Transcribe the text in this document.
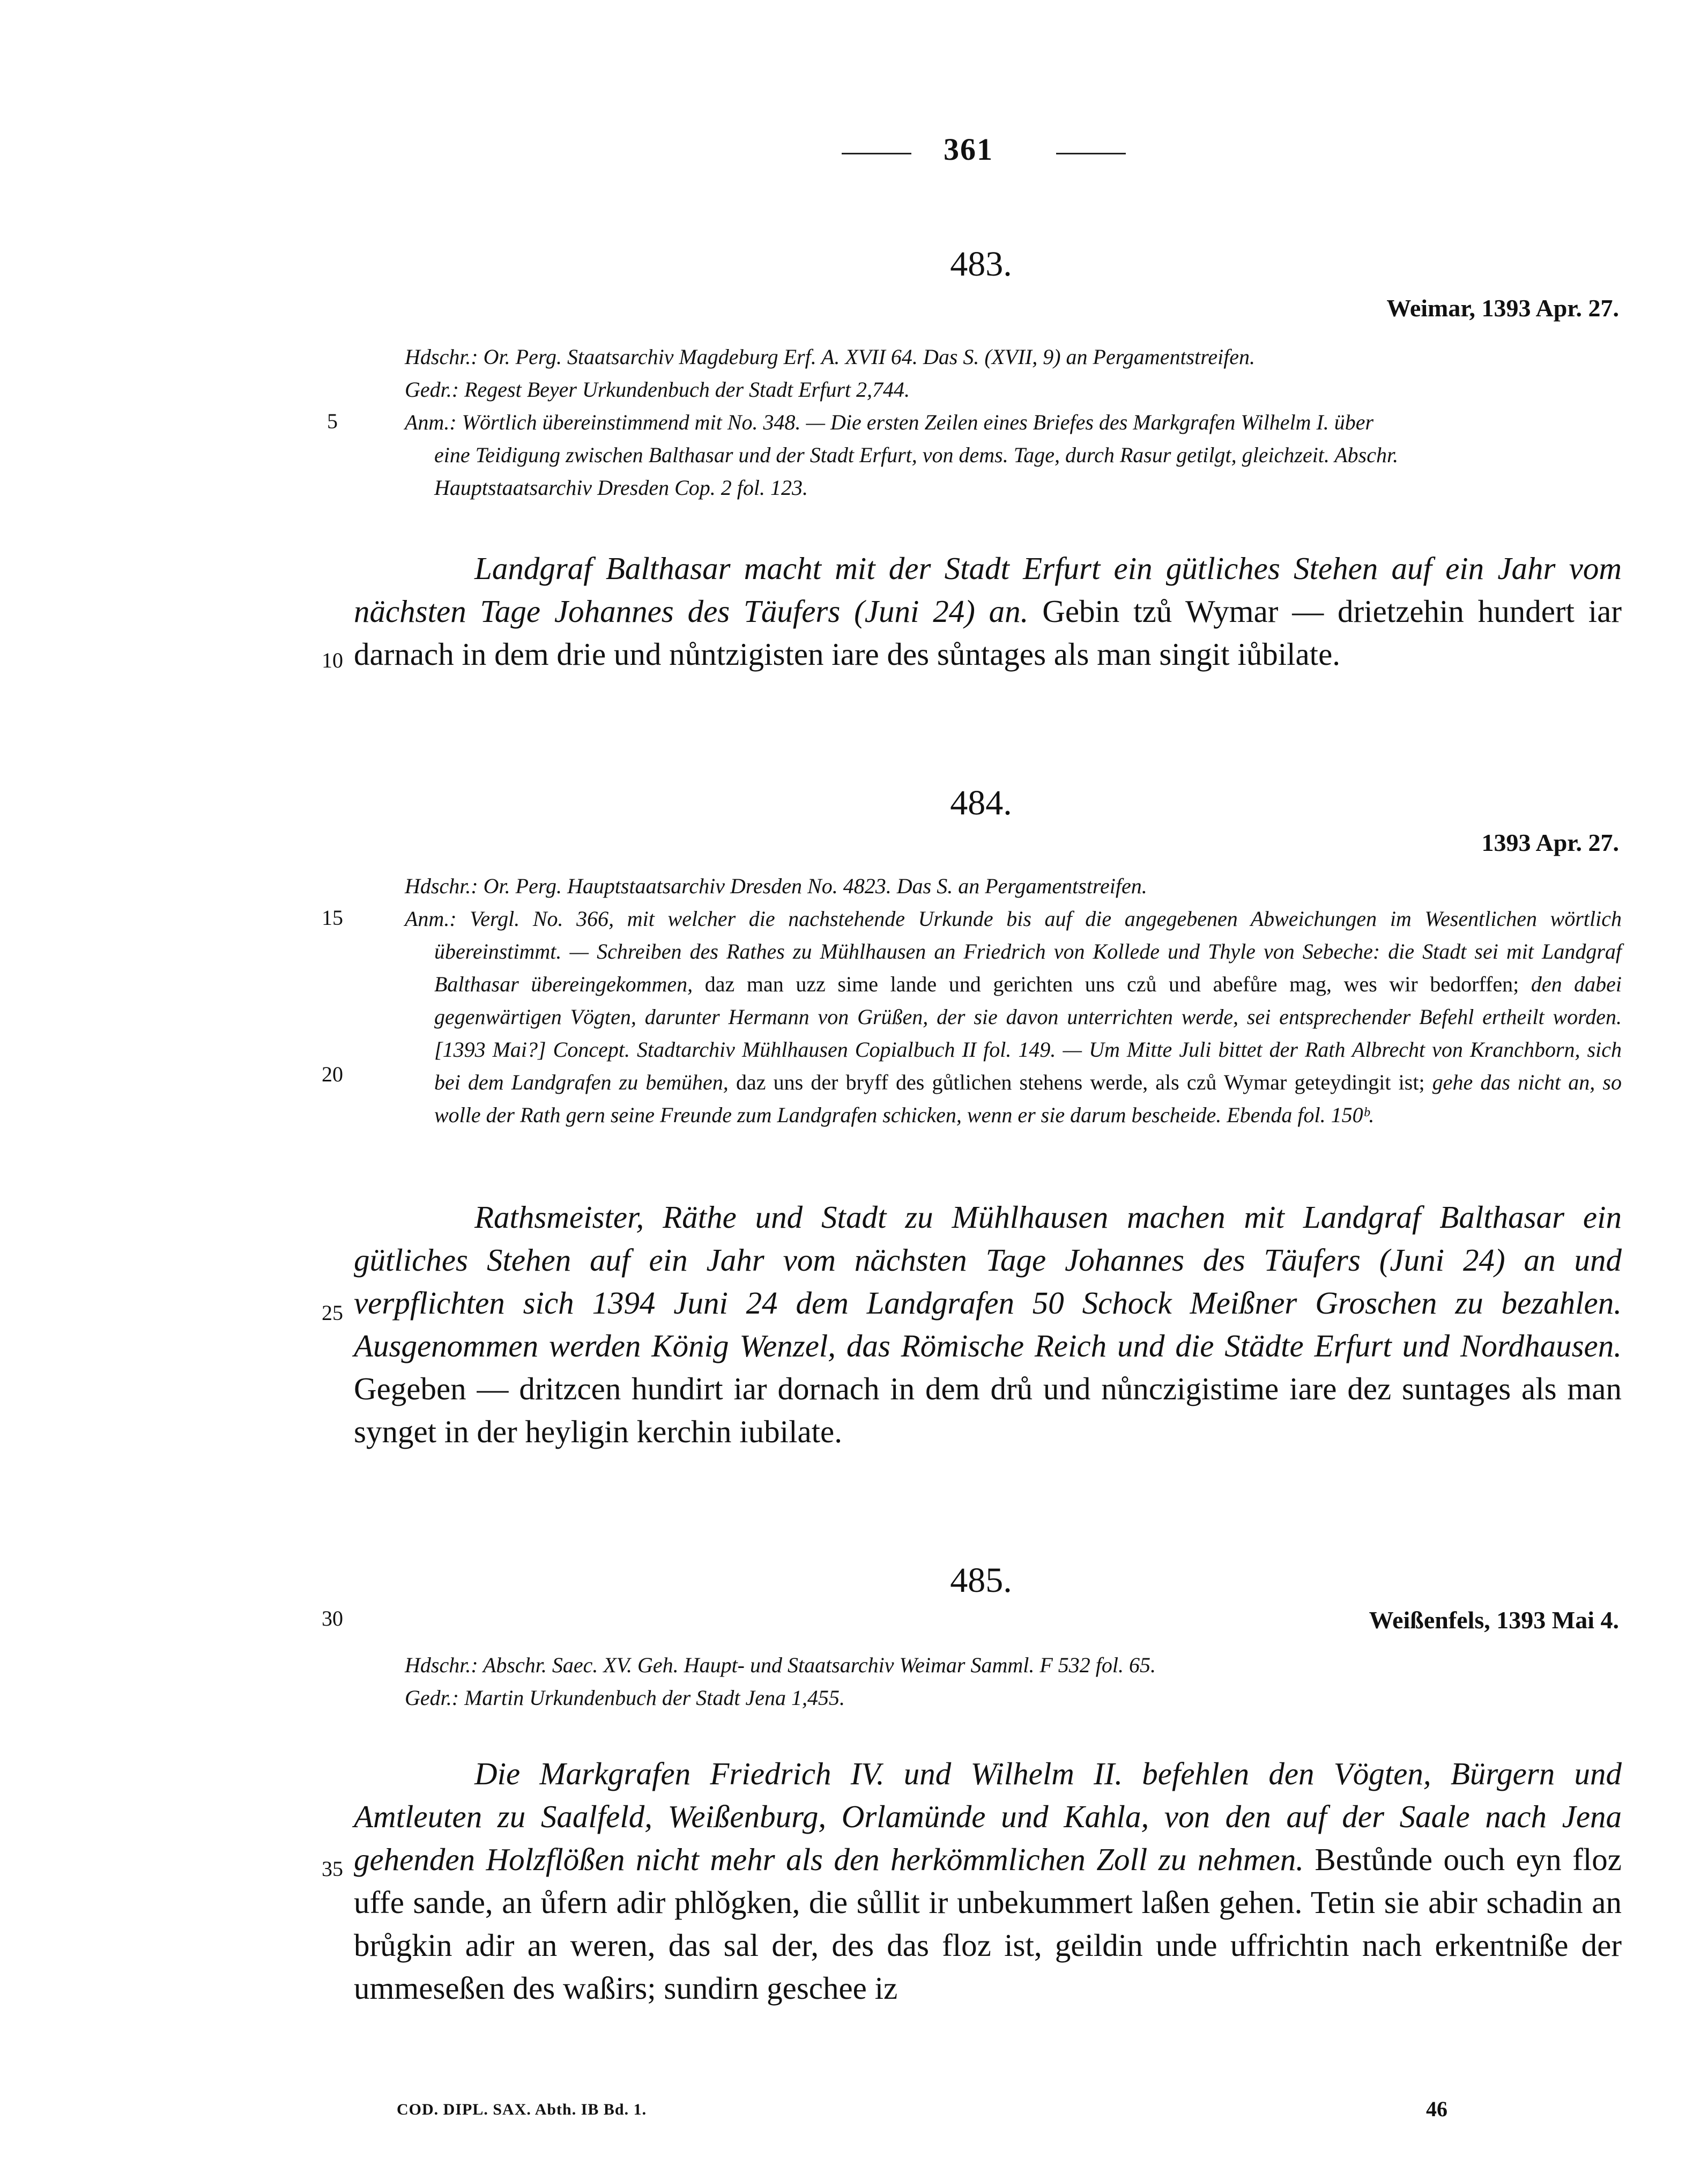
361
5
10
15
20
25
30
35
483.
Weimar, 1393 Apr. 27.
Hdschr.: Or. Perg. Staatsarchiv Magdeburg Erf. A. XVII 64. Das S. (XVII, 9) an Pergamentstreifen.
Gedr.: Regest Beyer Urkundenbuch der Stadt Erfurt 2,744.
Anm.: Wörtlich übereinstimmend mit No. 348. — Die ersten Zeilen eines Briefes des Markgrafen Wilhelm I. über
eine Teidigung zwischen Balthasar und der Stadt Erfurt, von dems. Tage, durch Rasur getilgt, gleichzeit. Abschr.
Hauptstaatsarchiv Dresden Cop. 2 fol. 123.
Landgraf Balthasar macht mit der Stadt Erfurt ein gütliches Stehen auf ein Jahr vom nächsten Tage Johannes des Täufers (Juni 24) an. Gebin tzů Wymar — drietzehin hundert iar darnach in dem drie und nůntzigisten iare des sůntages als man singit iůbilate.
484.
1393 Apr. 27.
Hdschr.: Or. Perg. Hauptstaatsarchiv Dresden No. 4823. Das S. an Pergamentstreifen.
Anm.: Vergl. No. 366, mit welcher die nachstehende Urkunde bis auf die angegebenen Abweichungen im Wesentlichen wörtlich übereinstimmt. — Schreiben des Rathes zu Mühlhausen an Friedrich von Kollede und Thyle von Sebeche: die Stadt sei mit Landgraf Balthasar übereingekommen, daz man uzz sime lande und gerichten uns czů und abefůre mag, wes wir bedorffen; den dabei gegenwärtigen Vögten, darunter Hermann von Grüßen, der sie davon unterrichten werde, sei entsprechender Befehl ertheilt worden. [1393 Mai?] Concept. Stadtarchiv Mühlhausen Copialbuch II fol. 149. — Um Mitte Juli bittet der Rath Albrecht von Kranchborn, sich bei dem Landgrafen zu bemühen, daz uns der bryff des gůtlichen stehens werde, als czů Wymar geteydingit ist; gehe das nicht an, so wolle der Rath gern seine Freunde zum Landgrafen schicken, wenn er sie darum bescheide. Ebenda fol. 150ᵇ.
Rathsmeister, Räthe und Stadt zu Mühlhausen machen mit Landgraf Balthasar ein gütliches Stehen auf ein Jahr vom nächsten Tage Johannes des Täufers (Juni 24) an und verpflichten sich 1394 Juni 24 dem Landgrafen 50 Schock Meißner Groschen zu bezahlen. Ausgenommen werden König Wenzel, das Römische Reich und die Städte Erfurt und Nordhausen. Gegeben — dritzcen hundirt iar dornach in dem drů und nůnczigistime iare dez suntages als man synget in der heyligin kerchin iubilate.
485.
Weißenfels, 1393 Mai 4.
Hdschr.: Abschr. Saec. XV. Geh. Haupt- und Staatsarchiv Weimar Samml. F 532 fol. 65.
Gedr.: Martin Urkundenbuch der Stadt Jena 1,455.
Die Markgrafen Friedrich IV. und Wilhelm II. befehlen den Vögten, Bürgern und Amtleuten zu Saalfeld, Weißenburg, Orlamünde und Kahla, von den auf der Saale nach Jena gehenden Holzflößen nicht mehr als den herkömmlichen Zoll zu nehmen. Bestůnde ouch eyn floz uffe sande, an ůfern adir phlǒgken, die sůllit ir unbekummert laßen gehen. Tetin sie abir schadin an brůgkin adir an weren, das sal der, des das floz ist, geildin unde uffrichtin nach erkentniße der ummeseßen des waßirs; sundirn geschee iz
COD. DIPL. SAX. Abth. IB Bd. 1.	46
